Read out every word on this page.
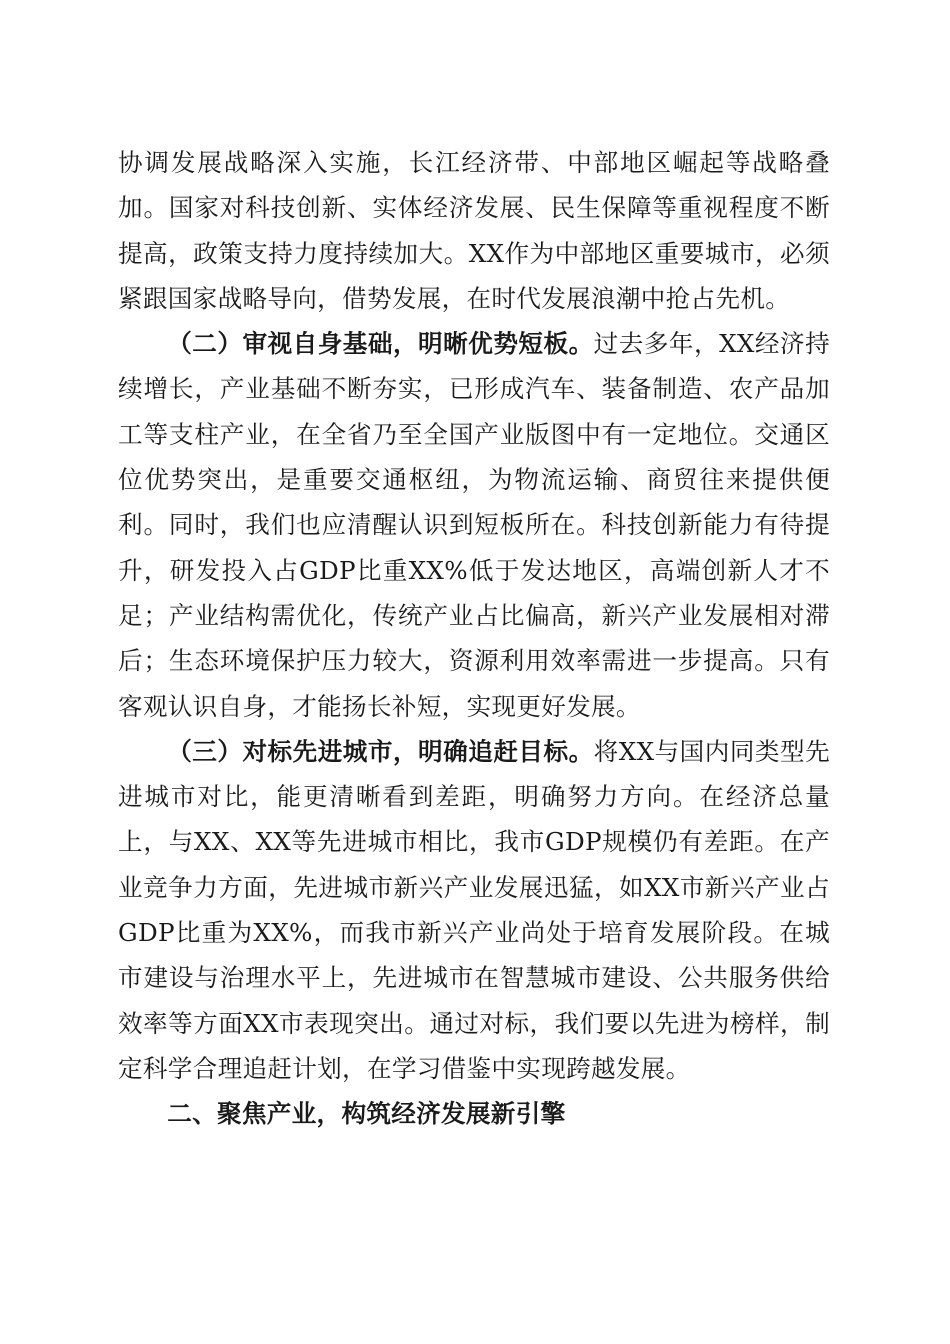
协调发展战略深入实施，长江经济带、中部地区崛起等战略叠加。国家对科技创新、实体经济发展、民生保障等重视程度不断提高，政策支持力度持续加大。XX作为中部地区重要城市，必须紧跟国家战略导向，借势发展，在时代发展浪潮中抢占先机。

（二）审视自身基础，明晰优势短板。过去多年，XX经济持续增长，产业基础不断夯实，已形成汽车、装备制造、农产品加工等支柱产业，在全省乃至全国产业版图中有一定地位。交通区位优势突出，是重要交通枢纽，为物流运输、商贸往来提供便利。同时，我们也应清醒认识到短板所在。科技创新能力有待提升，研发投入占GDP比重XX%低于发达地区，高端创新人才不足；产业结构需优化，传统产业占比偏高，新兴产业发展相对滞后；生态环境保护压力较大，资源利用效率需进一步提高。只有客观认识自身，才能扬长补短，实现更好发展。

（三）对标先进城市，明确追赶目标。将XX与国内同类型先进城市对比，能更清晰看到差距，明确努力方向。在经济总量上，与XX、XX等先进城市相比，我市GDP规模仍有差距。在产业竞争力方面，先进城市新兴产业发展迅猛，如XX市新兴产业占GDP比重为XX%，而我市新兴产业尚处于培育发展阶段。在城市建设与治理水平上，先进城市在智慧城市建设、公共服务供给效率等方面XX市表现突出。通过对标，我们要以先进为榜样，制定科学合理追赶计划，在学习借鉴中实现跨越发展。

二、聚焦产业，构筑经济发展新引擎
